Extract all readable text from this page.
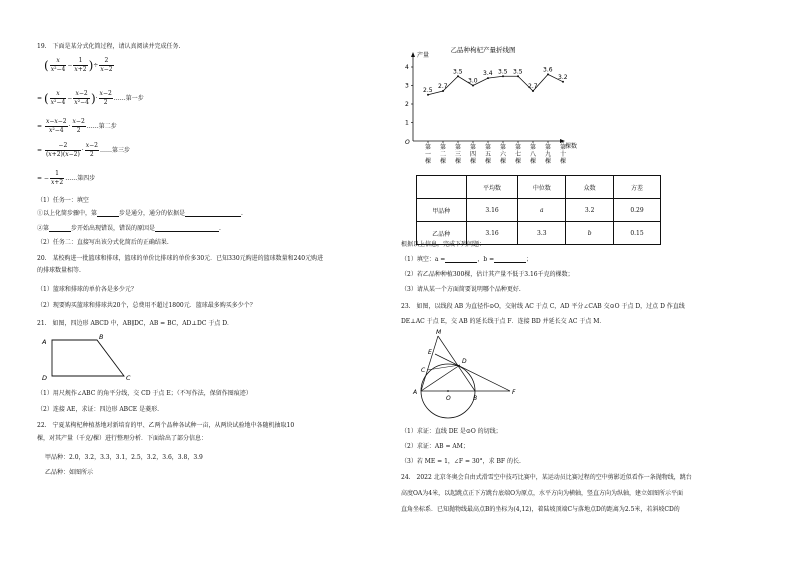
19.　下面是某分式化简过程，请认真阅读并完成任务.
( $\frac{x}{\text{x²−4}} - \frac{1}{x+2}$ )÷ $\frac{2}{x-2}$
= ( $\frac{x}{\text{x²−4}} - \frac{x-2}{\text{x²−4}}$ )· $\frac{x-2}{2}$ ……第一步
= $\frac{x-x-2}{\text{x²−4}} \cdot \frac{x-2}{2}$ ……第二步
= $\frac{-2}{(x+2)(x-2)} \cdot \frac{x-2}{2}$ ……第三步
= − $\frac{1}{x+2}$ ……第四步
（1）任务一：填空
①以上化简步骤中，第	步是通分，通分的依据是	.
②第	步开始出现错误，错误的原因是	.
（2）任务二：直接写出该分式化简后的正确结果.
20.　某校购进一批篮球和排球，篮球的单价比排球的单价多30元．已知330元购进的篮球数量和240元购进
的排球数量相等.
（1）篮球和排球的单价各是多少元？
（2）现要购买篮球和排球共20个，总费用不超过1800元．篮球最多购买多少个？
21.　如图，四边形 ABCD 中，AB∥DC，AB = BC，AD⊥DC 于点 D．
A
B
C
D
（1）用尺规作∠ABC 的角平分线，交 CD 于点 E；（不写作法，保留作图痕迹）
（2）连接 AE，求证：四边形 ABCE 是菱形.
22.　宁夏某枸杞种植基地对新培育的甲、乙两个品种各试种一亩，从两块试验地中各随机抽取10
棵，对其产量（千克/棵）进行整理分析．下面给出了部分信息：
甲品种：2.0，3.2，3.3，3.1，2.5，3.2，3.6，3.8，3.9
乙品种：如图所示
乙品种枸杞产量折线图
产量
棵数
O
1
2
3
4
2.5
第
一
棵
2.7
第
二
棵
3.5
第
三
棵
3.0
第
四
棵
3.4
第
五
棵
3.5
第
六
棵
3.5
第
七
棵
2.7
第
八
棵
3.6
第
九
棵
3.2
第
十
棵
	平均数	中位数	众数	方差
甲品种	3.16	a	3.2	0.29
乙品种	3.16	3.3	b	0.15
根据以上信息，完成下列问题：
（1）填空：a =	，b =	；
（2）若乙品种种植300棵，估计其产量不低于3.16千克的棵数；
（3）请从某一个方面简要说明哪个品种更好.
23.　如图，以线段 AB 为直径作⊙O，交射线 AC 于点 C，AD 平分∠CAB 交⊙O 于点 D，过点 D 作直线
DE⊥AC 于点 E，交 AB 的延长线于点 F．连接 BD 并延长交 AC 于点 M．
M
E
D
C
A
O	B
F
（1）求证：直线 DE 是⊙O 的切线；
（2）求证：AB = AM；
（3）若 ME = 1，∠F = 30°，求 BF 的长.
24.　2022 北京冬奥会自由式滑雪空中技巧比赛中，某运动员比赛过程的空中剪影近似看作一条抛物线，跳台
高度OA为4米，以起跳点正下方跳台底端O为原点，水平方向为横轴，竖直方向为纵轴，建立如图所示平面
直角坐标系．已知抛物线最高点B的坐标为(4,12)，着陆坡顶端C与落地点D的距离为2.5米，若斜坡CD的
